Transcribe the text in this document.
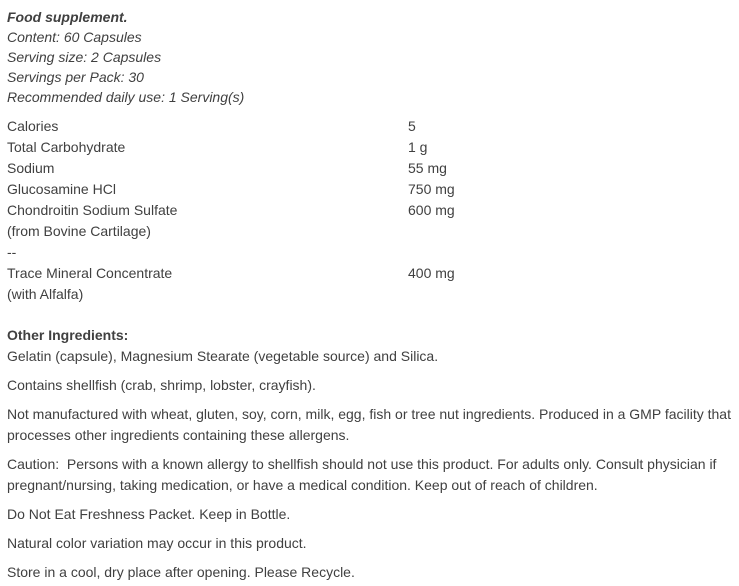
Food supplement.
Content: 60 Capsules
Serving size: 2 Capsules
Servings per Pack: 30
Recommended daily use: 1 Serving(s)
Calories	5
Total Carbohydrate	1 g
Sodium	55 mg
Glucosamine HCl	750 mg
Chondroitin Sodium Sulfate	600 mg
(from Bovine Cartilage)
--
Trace Mineral Concentrate	400 mg
(with Alfalfa)
Other Ingredients:
Gelatin (capsule), Magnesium Stearate (vegetable source) and Silica.

Contains shellfish (crab, shrimp, lobster, crayfish).

Not manufactured with wheat, gluten, soy, corn, milk, egg, fish or tree nut ingredients. Produced in a GMP facility that processes other ingredients containing these allergens.

Caution:  Persons with a known allergy to shellfish should not use this product. For adults only. Consult physician if pregnant/nursing, taking medication, or have a medical condition. Keep out of reach of children.

Do Not Eat Freshness Packet. Keep in Bottle.

Natural color variation may occur in this product.

Store in a cool, dry place after opening. Please Recycle.
